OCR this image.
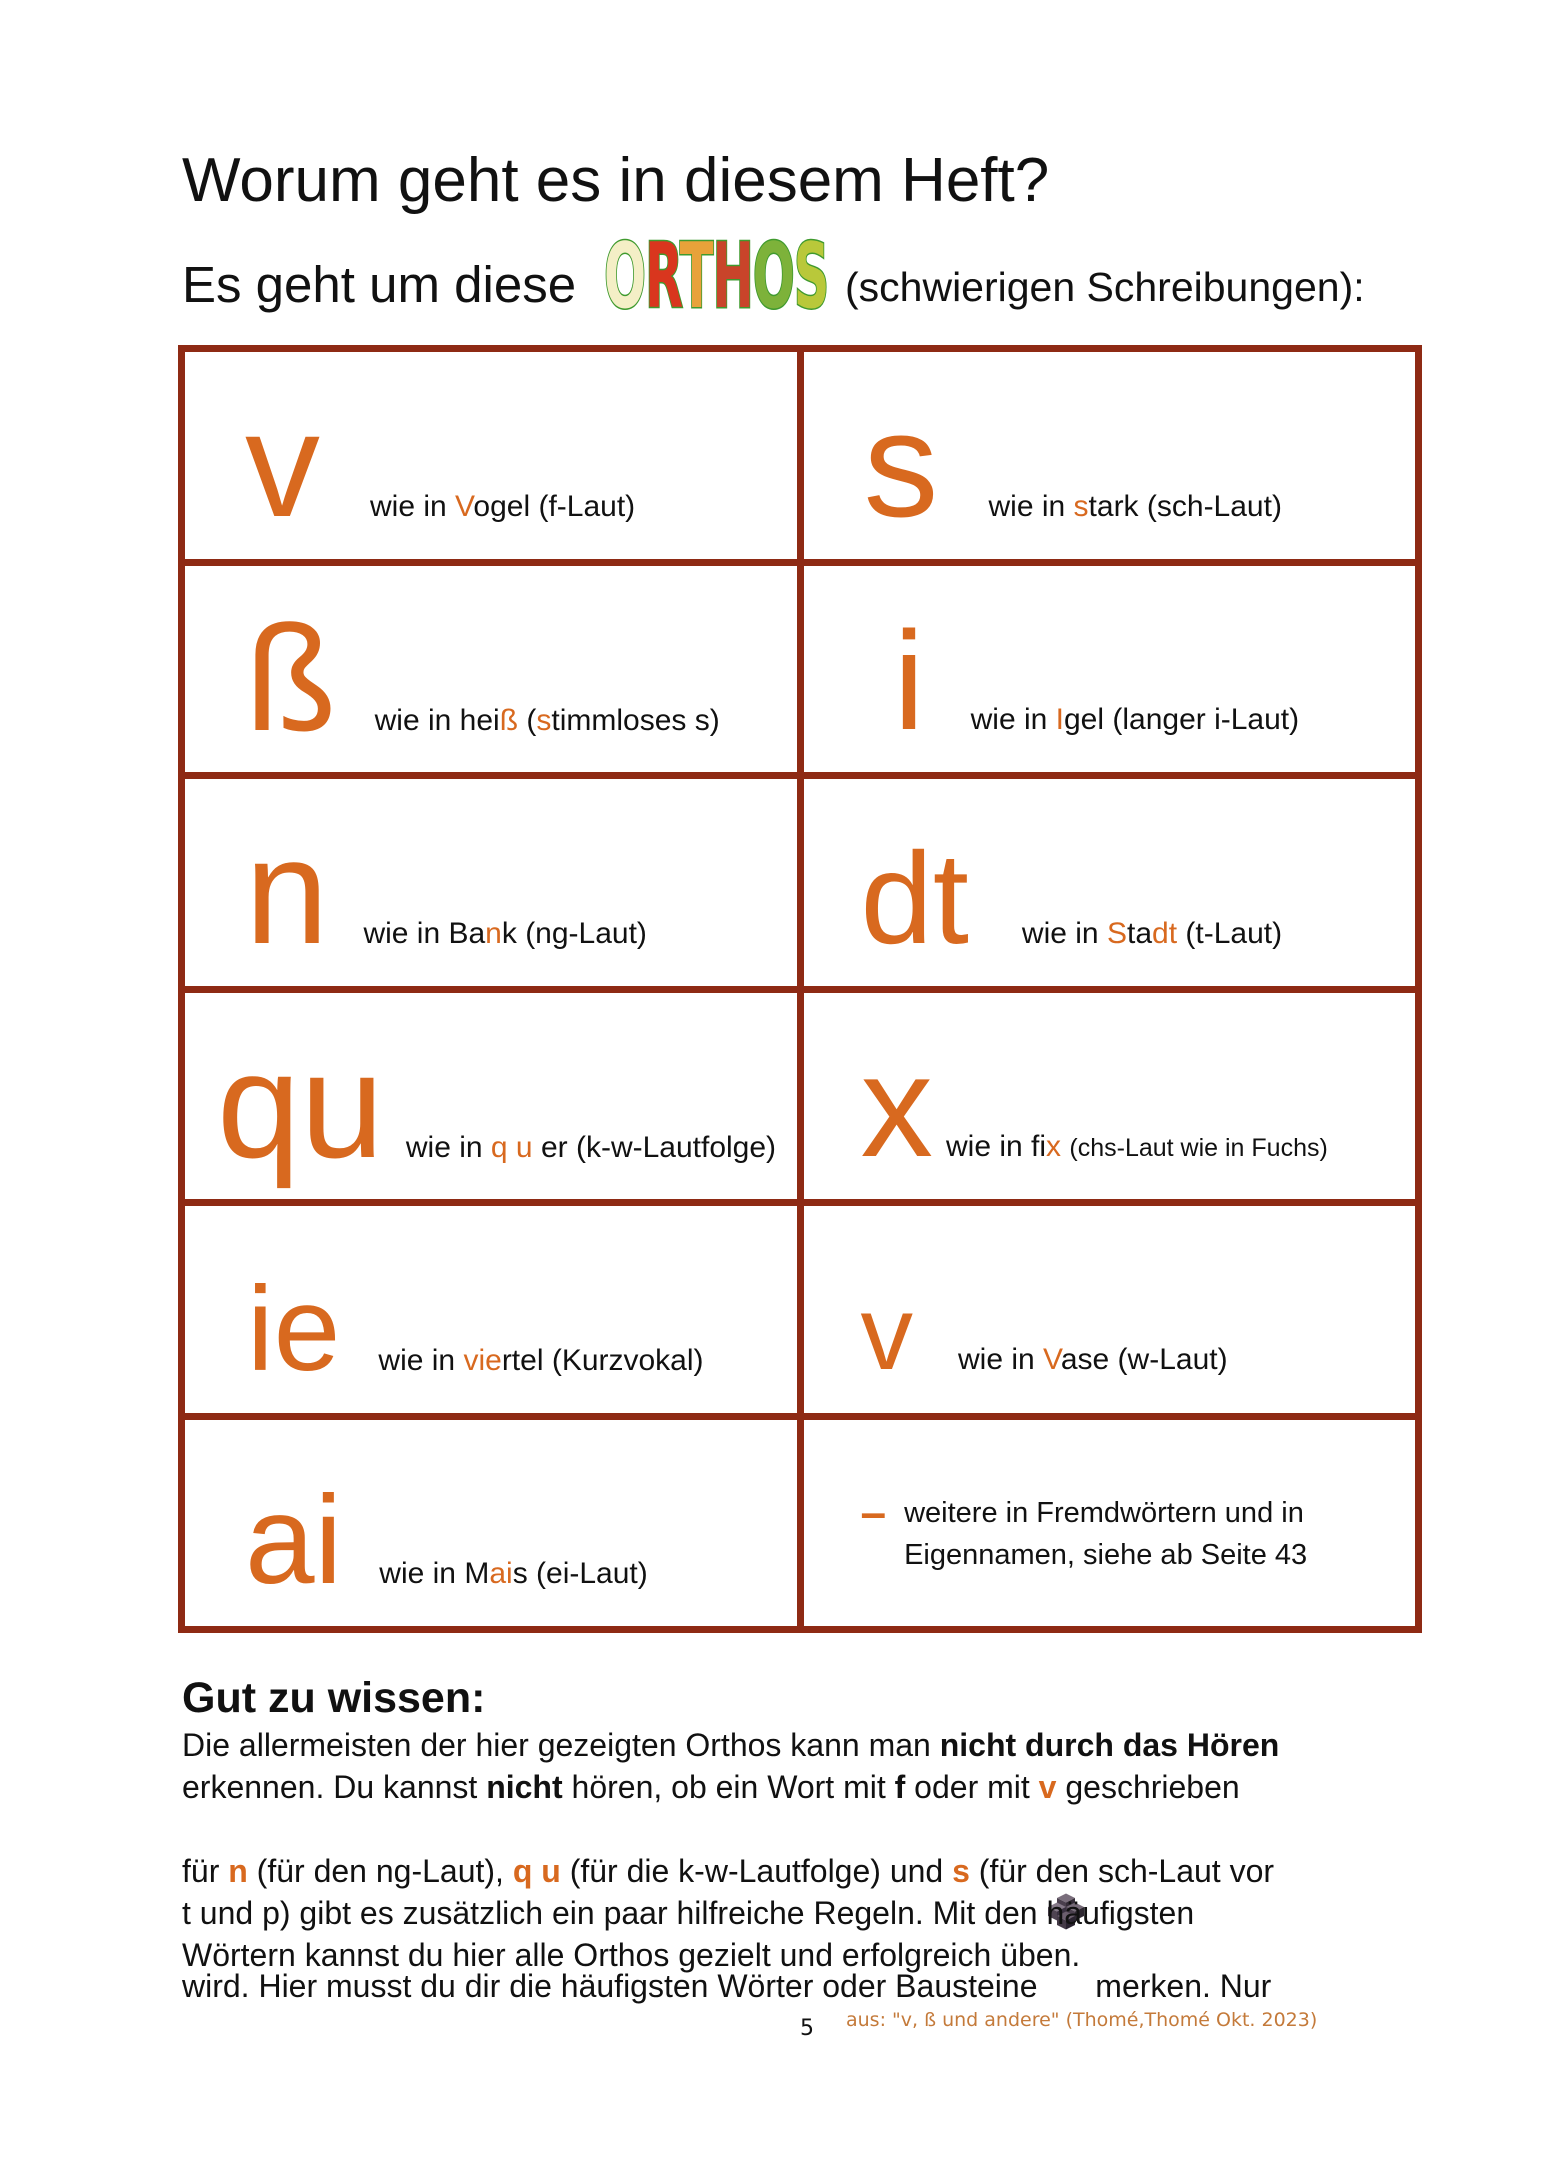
Worum geht es in diesem Heft?
Es geht um diese ORTHOS (schwierigen Schreibungen):
v wie in Vogel (f-Laut) s wie in stark (sch-Laut)
ß wie in heiß (stimmloses s) i wie in Igel (langer i-Laut)
n wie in Bank (ng-Laut) dt wie in Stadt (t-Laut)
qu wie in q u er (k-w-Lautfolge) x wie in fix (chs-Laut wie in Fuchs)
ie wie in viertel (Kurzvokal) v wie in Vase (w-Laut)
ai wie in Mais (ei-Laut)
– weitere in Fremdwörtern und in
Eigennamen, siehe ab Seite 43
Gut zu wissen:
Die allermeisten der hier gezeigten Orthos kann man nicht durch das Hören
erkennen. Du kannst nicht hören, ob ein Wort mit f oder mit v geschrieben
wird. Hier musst du dir die häufigsten Wörter oder Bausteine

merken. Nur
für n (für den ng-Laut), q u (für die k-w-Lautfolge) und s (für den sch-Laut vor
t und p) gibt es zusätzlich ein paar hilfreiche Regeln. Mit den häufigsten
Wörtern kannst du hier alle Orthos gezielt und erfolgreich üben.
5 aus: "v, ß und andere" (Thomé,Thomé Okt. 2023)
